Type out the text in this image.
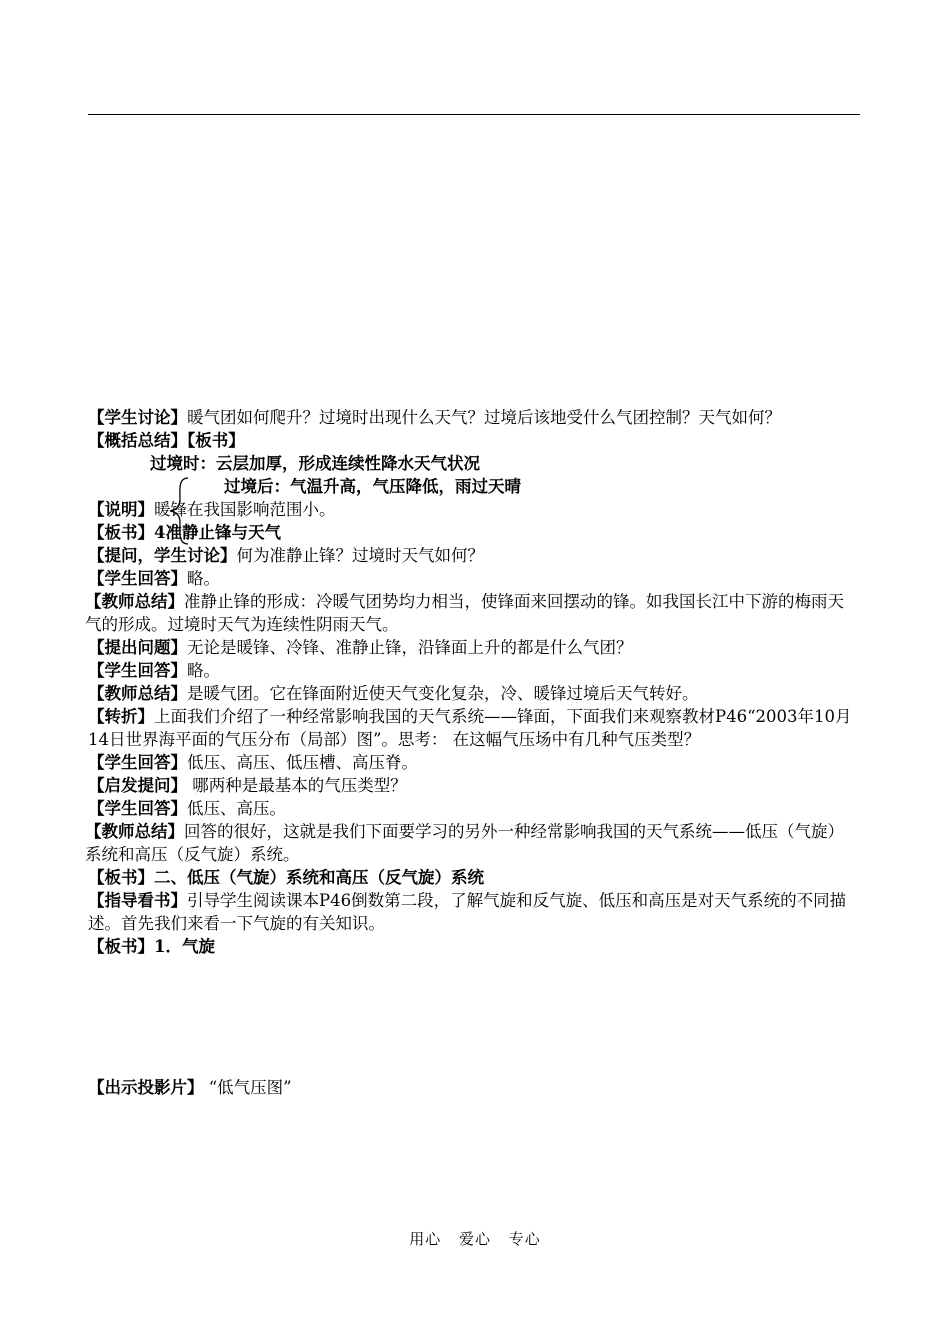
【学生讨论】暖气团如何爬升？过境时出现什么天气？过境后该地受什么气团控制？天气如何？

【概括总结】【板书】

过境时：云层加厚，形成连续性降水天气状况

过境后：气温升高，气压降低，雨过天晴

【说明】暖锋在我国影响范围小。

【板书】4准静止锋与天气

【提问，学生讨论】何为准静止锋？过境时天气如何？

【学生回答】略。

【教师总结】准静止锋的形成：冷暖气团势均力相当，使锋面来回摆动的锋。如我国长江中下游的梅雨天气的形成。过境时天气为连续性阴雨天气。

【提出问题】无论是暖锋、冷锋、准静止锋，沿锋面上升的都是什么气团？

【学生回答】略。

【教师总结】是暖气团。它在锋面附近使天气变化复杂，冷、暖锋过境后天气转好。

【转折】上面我们介绍了一种经常影响我国的天气系统——锋面，下面我们来观察教材P46“2003年10月14日世界海平面的气压分布（局部）图”。思考： 在这幅气压场中有几种气压类型？

【学生回答】低压、高压、低压槽、高压脊。

【启发提问】 哪两种是最基本的气压类型？

【学生回答】低压、高压。

【教师总结】回答的很好，这就是我们下面要学习的另外一种经常影响我国的天气系统——低压（气旋）系统和高压（反气旋）系统。

【板书】二、低压（气旋）系统和高压（反气旋）系统

【指导看书】引导学生阅读课本P46倒数第二段，了解气旋和反气旋、低压和高压是对天气系统的不同描述。首先我们来看一下气旋的有关知识。

【板书】1．气旋

【出示投影片】 “低气压图”

用心 爱心 专心
